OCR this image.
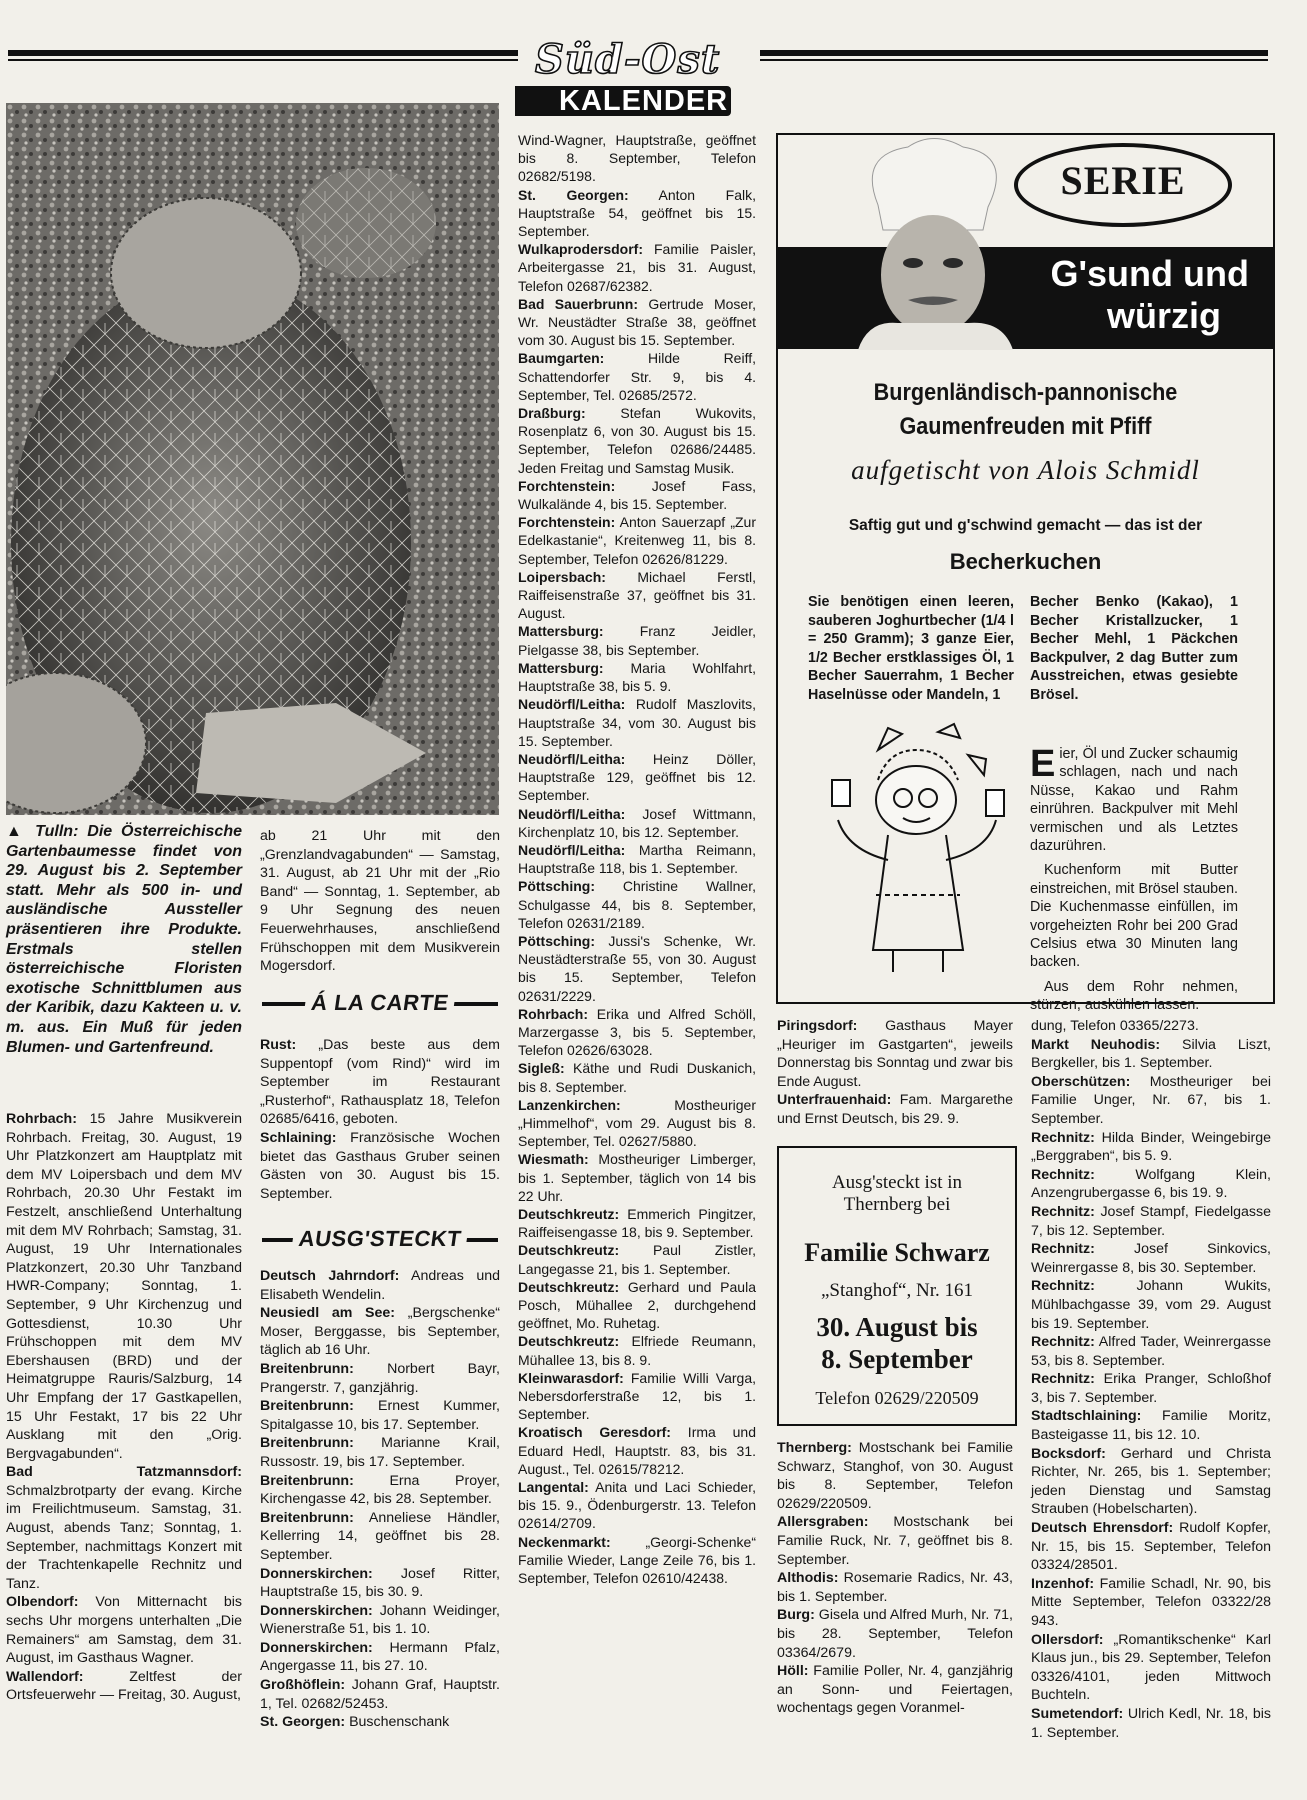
Süd-Ost
KALENDER
▲ Tulln: Die Österreichische Gartenbaumesse findet von 29. August bis 2. September statt. Mehr als 500 in- und ausländische Aussteller präsentieren ihre Produkte. Erstmals stellen österreichische Floristen exotische Schnittblumen aus der Karibik, dazu Kakteen u. v. m. aus. Ein Muß für jeden Blumen- und Gartenfreund.

Rohrbach: 15 Jahre Musikverein Rohrbach. Freitag, 30. August, 19 Uhr Platzkonzert am Hauptplatz mit dem MV Loipersbach und dem MV Rohrbach, 20.30 Uhr Festakt im Festzelt, anschließend Unterhaltung mit dem MV Rohrbach; Samstag, 31. August, 19 Uhr Internationales Platzkonzert, 20.30 Uhr Tanzband HWR-Company; Sonntag, 1. September, 9 Uhr Kirchenzug und Gottesdienst, 10.30 Uhr Frühschoppen mit dem MV Ebershausen (BRD) und der Heimatgruppe Rauris/Salzburg, 14 Uhr Empfang der 17 Gastkapellen, 15 Uhr Festakt, 17 bis 22 Uhr Ausklang mit den „Orig. Bergvagabunden“.

Bad Tatzmannsdorf: Schmalzbrotparty der evang. Kirche im Freilichtmuseum. Samstag, 31. August, abends Tanz; Sonntag, 1. September, nachmittags Konzert mit der Trachtenkapelle Rechnitz und Tanz.

Olbendorf: Von Mitternacht bis sechs Uhr morgens unterhalten „Die Remainers“ am Samstag, dem 31. August, im Gasthaus Wagner.

Wallendorf: Zeltfest der Ortsfeuerwehr — Freitag, 30. August,

ab 21 Uhr mit den „Grenzlandvagabunden“ — Samstag, 31. August, ab 21 Uhr mit der „Rio Band“ — Sonntag, 1. September, ab 9 Uhr Segnung des neuen Feuerwehrhauses, anschließend Frühschoppen mit dem Musikverein Mogersdorf.

Á LA CARTE

Rust: „Das beste aus dem Suppentopf (vom Rind)“ wird im September im Restaurant „Rusterhof“, Rathausplatz 18, Telefon 02685/6416, geboten.

Schlaining: Französische Wochen bietet das Gasthaus Gruber seinen Gästen von 30. August bis 15. September.

AUSG'STECKT

Deutsch Jahrndorf: Andreas und Elisabeth Wendelin.

Neusiedl am See: „Bergschenke“ Moser, Berggasse, bis September, täglich ab 16 Uhr.

Breitenbrunn: Norbert Bayr, Prangerstr. 7, ganzjährig.

Breitenbrunn: Ernest Kummer, Spitalgasse 10, bis 17. September.

Breitenbrunn: Marianne Krail, Russostr. 19, bis 17. September.

Breitenbrunn: Erna Proyer, Kirchengasse 42, bis 28. September.

Breitenbrunn: Anneliese Händler, Kellerring 14, geöffnet bis 28. September.

Donnerskirchen: Josef Ritter, Hauptstraße 15, bis 30. 9.

Donnerskirchen: Johann Weidinger, Wienerstraße 51, bis 1. 10.

Donnerskirchen: Hermann Pfalz, Angergasse 11, bis 27. 10.

Großhöflein: Johann Graf, Hauptstr. 1, Tel. 02682/52453.

St. Georgen: Buschenschank

Wind-Wagner, Hauptstraße, geöffnet bis 8. September, Telefon 02682/5198.

St. Georgen: Anton Falk, Hauptstraße 54, geöffnet bis 15. September.

Wulkaprodersdorf: Familie Paisler, Arbeitergasse 21, bis 31. August, Telefon 02687/62382.

Bad Sauerbrunn: Gertrude Moser, Wr. Neustädter Straße 38, geöffnet vom 30. August bis 15. September.

Baumgarten: Hilde Reiff, Schattendorfer Str. 9, bis 4. September, Tel. 02685/2572.

Draßburg: Stefan Wukovits, Rosenplatz 6, von 30. August bis 15. September, Telefon 02686/24485. Jeden Freitag und Samstag Musik.

Forchtenstein: Josef Fass, Wulkalände 4, bis 15. September.

Forchtenstein: Anton Sauerzapf „Zur Edelkastanie“, Kreitenweg 11, bis 8. September, Telefon 02626/81229.

Loipersbach: Michael Ferstl, Raiffeisenstraße 37, geöffnet bis 31. August.

Mattersburg: Franz Jeidler, Pielgasse 38, bis September.

Mattersburg: Maria Wohlfahrt, Hauptstraße 38, bis 5. 9.

Neudörfl/Leitha: Rudolf Maszlovits, Hauptstraße 34, vom 30. August bis 15. September.

Neudörfl/Leitha: Heinz Döller, Hauptstraße 129, geöffnet bis 12. September.

Neudörfl/Leitha: Josef Wittmann, Kirchenplatz 10, bis 12. September.

Neudörfl/Leitha: Martha Reimann, Hauptstraße 118, bis 1. September.

Pöttsching: Christine Wallner, Schulgasse 44, bis 8. September, Telefon 02631/2189.

Pöttsching: Jussi's Schenke, Wr. Neustädterstraße 55, von 30. August bis 15. September, Telefon 02631/2229.

Rohrbach: Erika und Alfred Schöll, Marzergasse 3, bis 5. September, Telefon 02626/63028.

Sigleß: Käthe und Rudi Duskanich, bis 8. September.

Lanzenkirchen: Mostheuriger „Himmelhof“, vom 29. August bis 8. September, Tel. 02627/5880.

Wiesmath: Mostheuriger Limberger, bis 1. September, täglich von 14 bis 22 Uhr.

Deutschkreutz: Emmerich Pingitzer, Raiffeisengasse 18, bis 9. September.

Deutschkreutz: Paul Zistler, Langegasse 21, bis 1. September.

Deutschkreutz: Gerhard und Paula Posch, Mühallee 2, durchgehend geöffnet, Mo. Ruhetag.

Deutschkreutz: Elfriede Reumann, Mühallee 13, bis 8. 9.

Kleinwarasdorf: Familie Willi Varga, Nebersdorferstraße 12, bis 1. September.

Kroatisch Geresdorf: Irma und Eduard Hedl, Hauptstr. 83, bis 31. August., Tel. 02615/78212.

Langental: Anita und Laci Schieder, bis 15. 9., Ödenburgerstr. 13. Telefon 02614/2709.

Neckenmarkt: „Georgi-Schenke“ Familie Wieder, Lange Zeile 76, bis 1. September, Telefon 02610/42438.

SERIE
G'sund und
würzig
Burgenländisch-pannonische
Gaumenfreuden mit Pfiff
aufgetischt von Alois Schmidl
Saftig gut und g'schwind gemacht — das ist der
Becherkuchen
Sie benötigen einen leeren, sauberen Joghurtbecher (1/4 l = 250 Gramm); 3 ganze Eier, 1/2 Becher erstklassiges Öl, 1 Becher Sauerrahm, 1 Becher Haselnüsse oder Mandeln, 1
Becher Benko (Kakao), 1 Becher Kristallzucker, 1 Becher Mehl, 1 Päckchen Backpulver, 2 dag Butter zum Ausstreichen, etwas gesiebte Brösel.

Eier, Öl und Zucker schaumig schlagen, nach und nach Nüsse, Kakao und Rahm einrühren. Backpulver mit Mehl vermischen und als Letztes dazurühren.

Kuchenform mit Butter einstreichen, mit Brösel stauben. Die Kuchenmasse einfüllen, im vorgeheizten Rohr bei 200 Grad Celsius etwa 30 Minuten lang backen.

Aus dem Rohr nehmen, stürzen, auskühlen lassen.

Piringsdorf: Gasthaus Mayer „Heuriger im Gastgarten“, jeweils Donnerstag bis Sonntag und zwar bis Ende August.

Unterfrauenhaid: Fam. Margarethe und Ernst Deutsch, bis 29. 9.

Ausg'steckt ist in
Thernberg bei
Familie Schwarz
„Stanghof“, Nr. 161
30. August bis
8. September
Telefon 02629/220509

Thernberg: Mostschank bei Familie Schwarz, Stanghof, von 30. August bis 8. September, Telefon 02629/220509.

Allersgraben: Mostschank bei Familie Ruck, Nr. 7, geöffnet bis 8. September.

Althodis: Rosemarie Radics, Nr. 43, bis 1. September.

Burg: Gisela und Alfred Murh, Nr. 71, bis 28. September, Telefon 03364/2679.

Höll: Familie Poller, Nr. 4, ganzjährig an Sonn- und Feiertagen, wochentags gegen Voranmel-

dung, Telefon 03365/2273.

Markt Neuhodis: Silvia Liszt, Bergkeller, bis 1. September.

Oberschützen: Mostheuriger bei Familie Unger, Nr. 67, bis 1. September.

Rechnitz: Hilda Binder, Weingebirge „Berggraben“, bis 5. 9.

Rechnitz: Wolfgang Klein, Anzengrubergasse 6, bis 19. 9.

Rechnitz: Josef Stampf, Fiedelgasse 7, bis 12. September.

Rechnitz: Josef Sinkovics, Weinrergasse 8, bis 30. September.

Rechnitz: Johann Wukits, Mühlbachgasse 39, vom 29. August bis 19. September.

Rechnitz: Alfred Tader, Weinrergasse 53, bis 8. September.

Rechnitz: Erika Pranger, Schloßhof 3, bis 7. September.

Stadtschlaining: Familie Moritz, Basteigasse 11, bis 12. 10.

Bocksdorf: Gerhard und Christa Richter, Nr. 265, bis 1. September; jeden Dienstag und Samstag Strauben (Hobelscharten).

Deutsch Ehrensdorf: Rudolf Kopfer, Nr. 15, bis 15. September, Telefon 03324/28501.

Inzenhof: Familie Schadl, Nr. 90, bis Mitte September, Telefon 03322/28 943.

Ollersdorf: „Romantikschenke“ Karl Klaus jun., bis 29. September, Telefon 03326/4101, jeden Mittwoch Buchteln.

Sumetendorf: Ulrich Kedl, Nr. 18, bis 1. September.
